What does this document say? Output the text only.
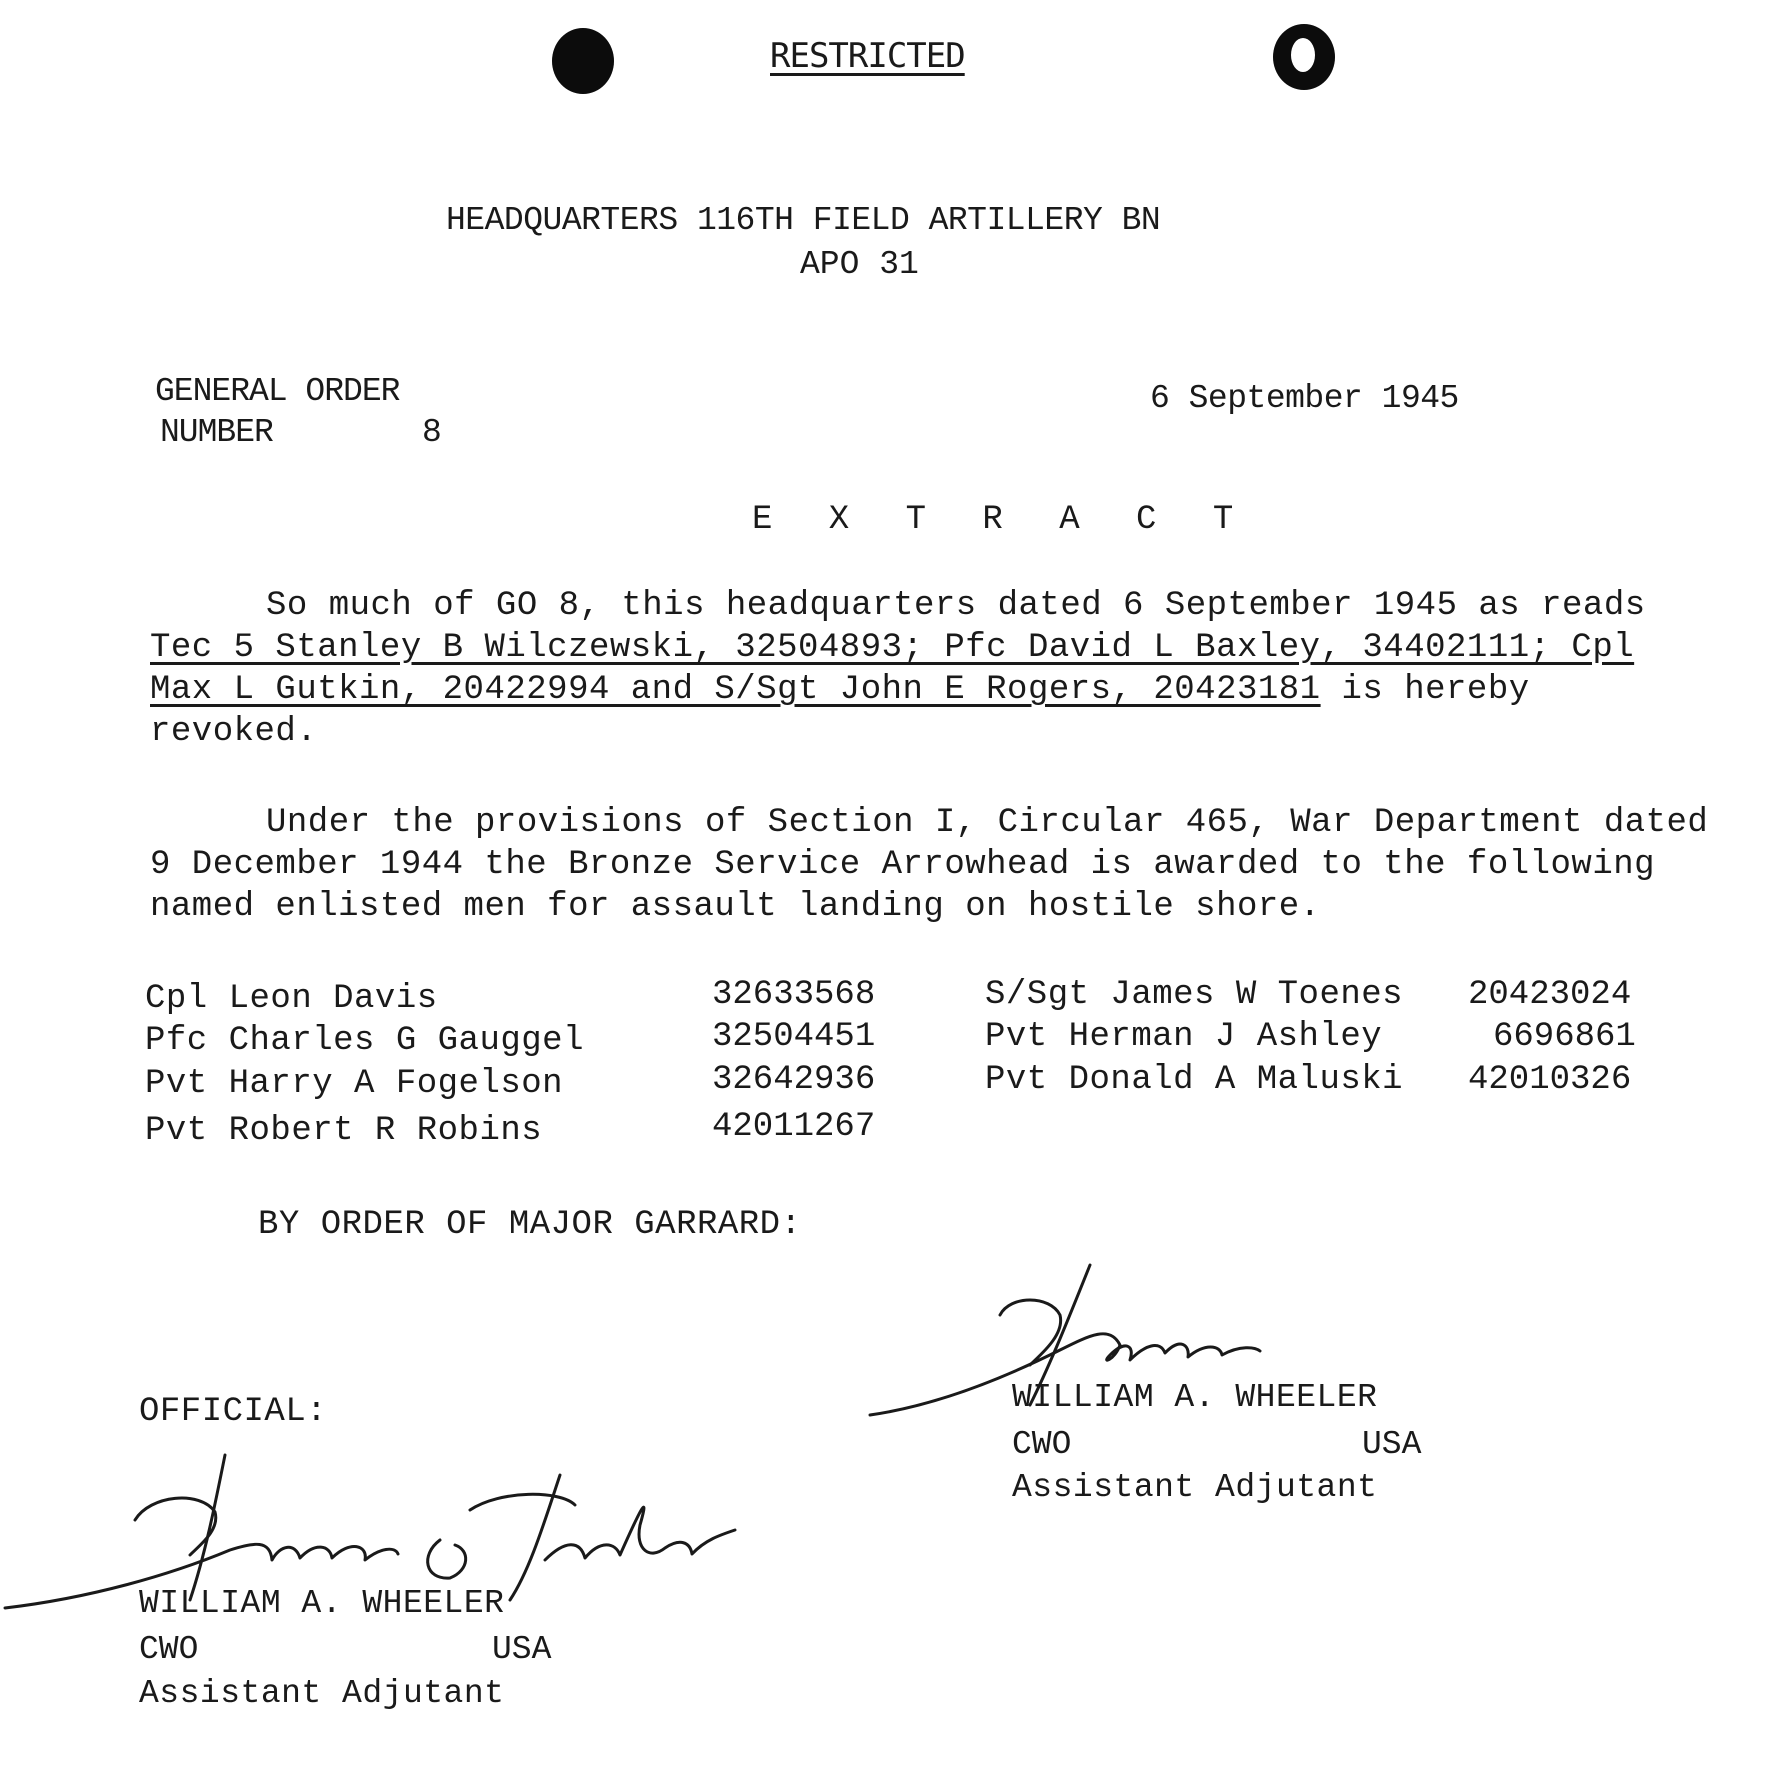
RESTRICTED
HEADQUARTERS 116TH FIELD ARTILLERY BN
APO 31
GENERAL ORDER
NUMBER	8
6 September 1945
E X T R A C T
So much of GO 8, this headquarters dated 6 September 1945 as reads Tec 5 Stanley B Wilczewski, 32504893; Pfc David L Baxley, 34402111; Cpl Max L Gutkin, 20422994 and S/Sgt John E Rogers, 20423181 is hereby revoked.
Under the provisions of Section I, Circular 465, War Department dated 9 December 1944 the Bronze Service Arrowhead is awarded to the following named enlisted men for assault landing on hostile shore.
Cpl Leon Davis	32633568
Pfc Charles G Gauggel	32504451
Pvt Harry A Fogelson	32642936
Pvt Robert R Robins	42011267
S/Sgt James W Toenes 20423024
Pvt Herman J Ashley	6696861
Pvt Donald A Maluski 42010326
BY ORDER OF MAJOR GARRARD:
OFFICIAL:	WILLIAM A. WHEELER
CWO	USA
Assistant Adjutant
WILLIAM A. WHEELER
CWO	USA
Assistant Adjutant
